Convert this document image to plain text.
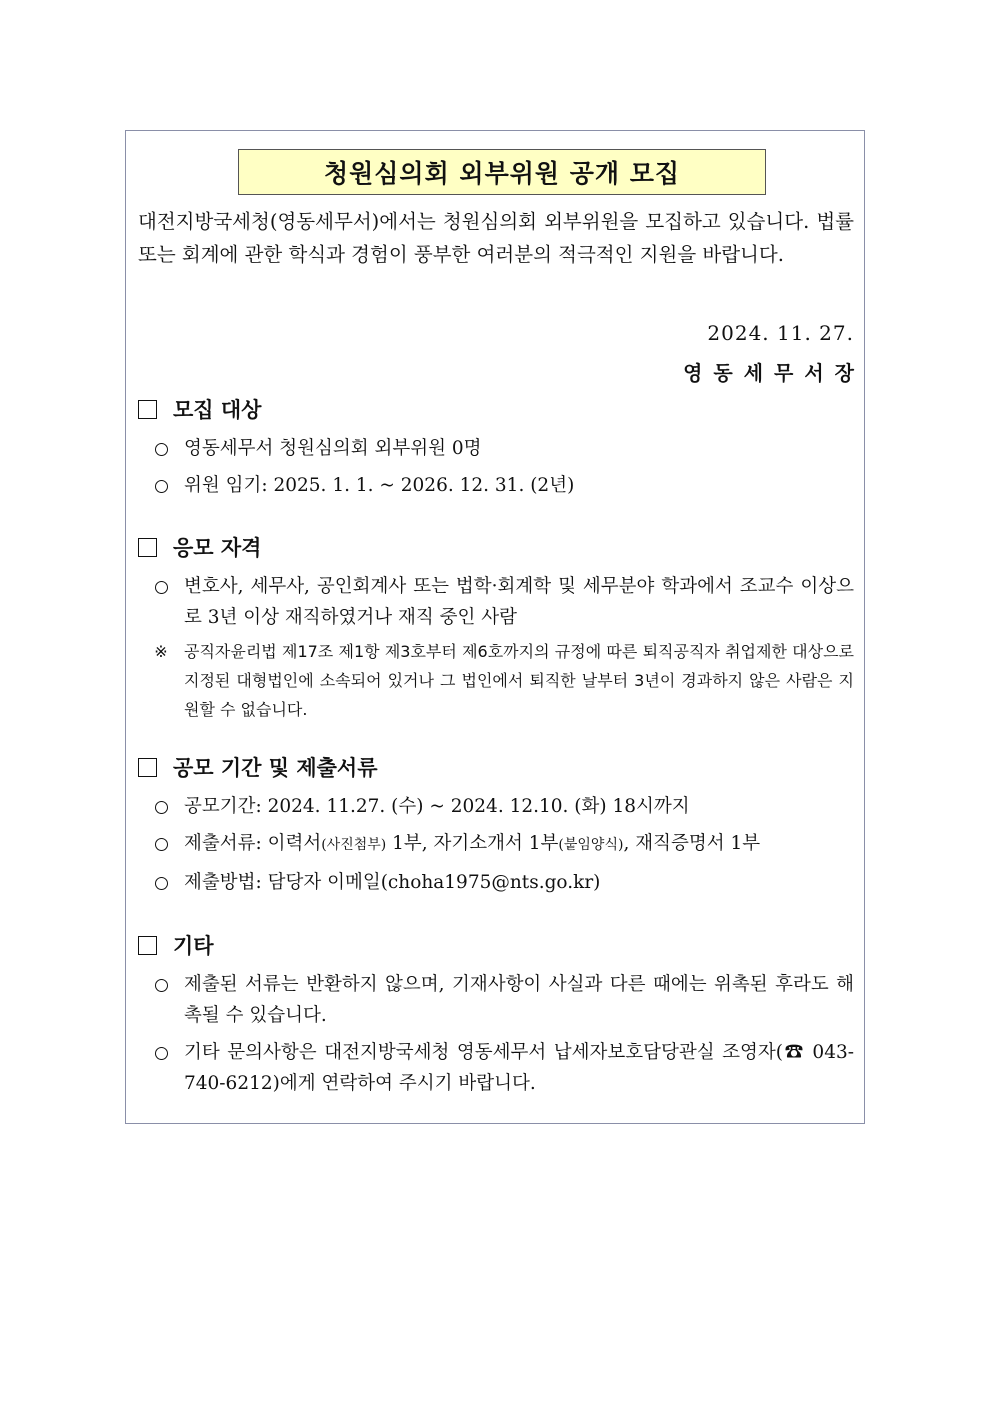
청원심의회 외부위원 공개 모집

대전지방국세청(영동세무서)에서는 청원심의회 외부위원을 모집하고 있습니다. 법률 또는 회계에 관한 학식과 경험이 풍부한 여러분의 적극적인 지원을 바랍니다.

2024. 11. 27.
영동세무서장
모집 대상
영동세무서 청원심의회 외부위원 0명
위원 임기: 2025. 1. 1. ~ 2026. 12. 31. (2년)
응모 자격
변호사, 세무사, 공인회계사 또는 법학·회계학 및 세무분야 학과에서 조교수 이상으로 3년 이상 재직하였거나 재직 중인 사람
※	공직자윤리법 제17조 제1항 제3호부터 제6호까지의 규정에 따른 퇴직공직자 취업제한 대상으로 지정된 대형법인에 소속되어 있거나 그 법인에서 퇴직한 날부터 3년이 경과하지 않은 사람은 지원할 수 없습니다.
공모 기간 및 제출서류
공모기간: 2024. 11.27. (수) ~ 2024. 12.10. (화) 18시까지
제출서류: 이력서(사진첨부) 1부, 자기소개서 1부(붙임양식), 재직증명서 1부
제출방법: 담당자 이메일(choha1975@nts.go.kr)
기타
제출된 서류는 반환하지 않으며, 기재사항이 사실과 다른 때에는 위촉된 후라도 해촉될 수 있습니다.
기타 문의사항은 대전지방국세청 영동세무서 납세자보호담당관실 조영자(☎ 043-740-6212)에게 연락하여 주시기 바랍니다.
